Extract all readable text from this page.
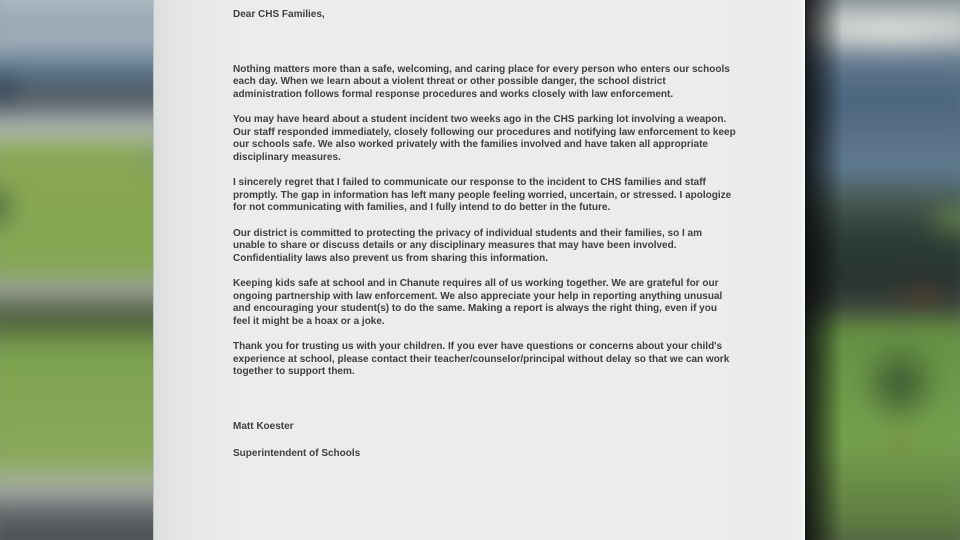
Dear CHS Families,

Nothing matters more than a safe, welcoming, and caring place for every person who enters our schools each day. When we learn about a violent threat or other possible danger, the school district administration follows formal response procedures and works closely with law enforcement.

You may have heard about a student incident two weeks ago in the CHS parking lot involving a weapon. Our staff responded immediately, closely following our procedures and notifying law enforcement to keep our schools safe. We also worked privately with the families involved and have taken all appropriate disciplinary measures.

I sincerely regret that I failed to communicate our response to the incident to CHS families and staff promptly. The gap in information has left many people feeling worried, uncertain, or stressed. I apologize for not communicating with families, and I fully intend to do better in the future.

Our district is committed to protecting the privacy of individual students and their families, so I am unable to share or discuss details or any disciplinary measures that may have been involved. Confidentiality laws also prevent us from sharing this information.

Keeping kids safe at school and in Chanute requires all of us working together. We are grateful for our ongoing partnership with law enforcement. We also appreciate your help in reporting anything unusual and encouraging your student(s) to do the same. Making a report is always the right thing, even if you feel it might be a hoax or a joke.

Thank you for trusting us with your children. If you ever have questions or concerns about your child's experience at school, please contact their teacher/counselor/principal without delay so that we can work together to support them.

Matt Koester

Superintendent of Schools
